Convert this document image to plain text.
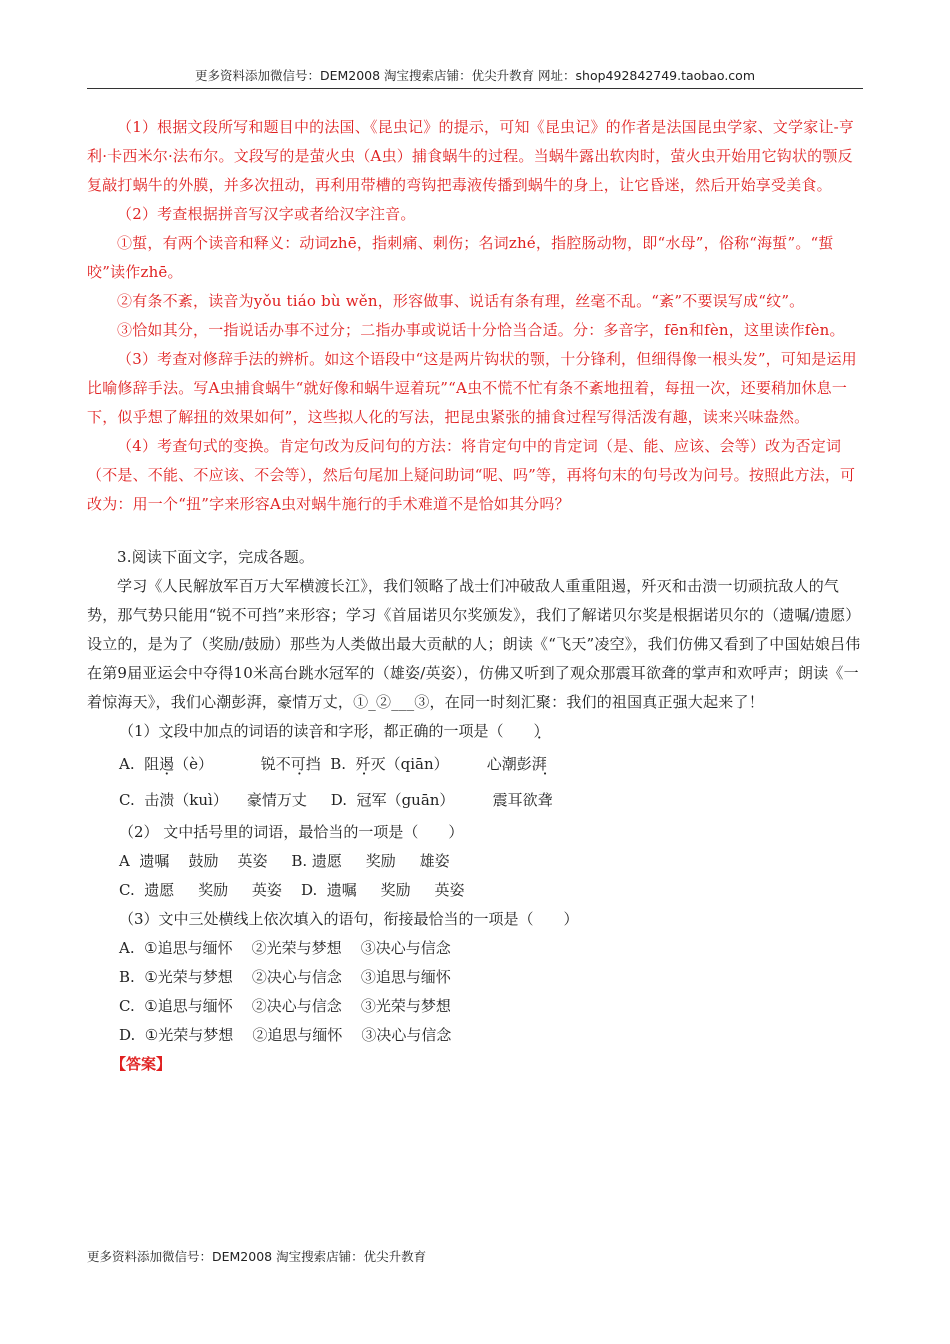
更多资料添加微信号：DEM2008 淘宝搜索店铺：优尖升教育 网址：shop492842749.taobao.com

（1）根据文段所写和题目中的法国、《昆虫记》的提示，可知《昆虫记》的作者是法国昆虫学家、文学家让-亨利·卡西米尔·法布尔。文段写的是萤火虫（A虫）捕食蜗牛的过程。当蜗牛露出软肉时，萤火虫开始用它钩状的颚反复敲打蜗牛的外膜，并多次扭动，再利用带槽的弯钩把毒液传播到蜗牛的身上，让它昏迷，然后开始享受美食。

（2）考查根据拼音写汉字或者给汉字注音。

①蜇，有两个读音和释义：动词zhē，指刺痛、刺伤；名词zhé，指腔肠动物，即“水母”，俗称“海蜇”。“蜇咬”读作zhē。

②有条不紊，读音为yǒu tiáo bù wěn，形容做事、说话有条有理，丝毫不乱。“紊”不要误写成“纹”。

③恰如其分，一指说话办事不过分；二指办事或说话十分恰当合适。分：多音字，fēn和fèn，这里读作fèn。

（3）考查对修辞手法的辨析。如这个语段中“这是两片钩状的颚，十分锋利，但细得像一根头发”，可知是运用比喻修辞手法。写A虫捕食蜗牛“就好像和蜗牛逗着玩”“A虫不慌不忙有条不紊地扭着，每扭一次，还要稍加休息一下，似乎想了解扭的效果如何”，这些拟人化的写法，把昆虫紧张的捕食过程写得活泼有趣，读来兴味盎然。

（4）考查句式的变换。肯定句改为反问句的方法：将肯定句中的肯定词（是、能、应该、会等）改为否定词（不是、不能、不应该、不会等），然后句尾加上疑问助词“呢、吗”等，再将句末的句号改为问号。按照此方法，可改为：用一个“扭”字来形容A虫对蜗牛施行的手术难道不是恰如其分吗？

3.阅读下面文字，完成各题。

学习《人民解放军百万大军横渡长江》，我们领略了战士们冲破敌人重重阻遏，歼灭和击溃一切顽抗敌人的气势，那气势只能用“锐不可挡”来形容；学习《首届诺贝尔奖颁发》，我们了解诺贝尔奖是根据诺贝尔的（遗嘱/遗愿）设立的，是为了（奖励/鼓励）那些为人类做出最大贡献的人；朗读《“飞天”凌空》，我们仿佛又看到了中国姑娘吕伟在第9届亚运会中夺得10米高台跳水冠军的（雄姿/英姿），仿佛又听到了观众那震耳欲聋的掌声和欢呼声；朗读《一着惊海天》，我们心潮彭湃，豪情万丈，①_②___③，在同一时刻汇聚：我们的祖国真正强大起来了！

（1）文段中加点的词语的读音和字形，都正确的一项是（　　）

A.  阻遏（è）          锐不可挡  B.  歼灭（qiān）        心潮彭湃

C.  击溃（kuì）    豪情万丈     D.  冠军（guān）        震耳欲聋

（2） 文中括号里的词语，最恰当的一项是（　　）

A  遗嘱    鼓励    英姿     B. 遗愿     奖励     雄姿

C.  遗愿     奖励     英姿    D.  遗嘱     奖励     英姿

（3）文中三处横线上依次填入的语句，衔接最恰当的一项是（　　）

A.  ①追思与缅怀    ②光荣与梦想    ③决心与信念

B.  ①光荣与梦想    ②决心与信念    ③追思与缅怀

C.  ①追思与缅怀    ②决心与信念    ③光荣与梦想

D.  ①光荣与梦想    ②追思与缅怀    ③决心与信念

【答案】

更多资料添加微信号：DEM2008 淘宝搜索店铺：优尖升教育
